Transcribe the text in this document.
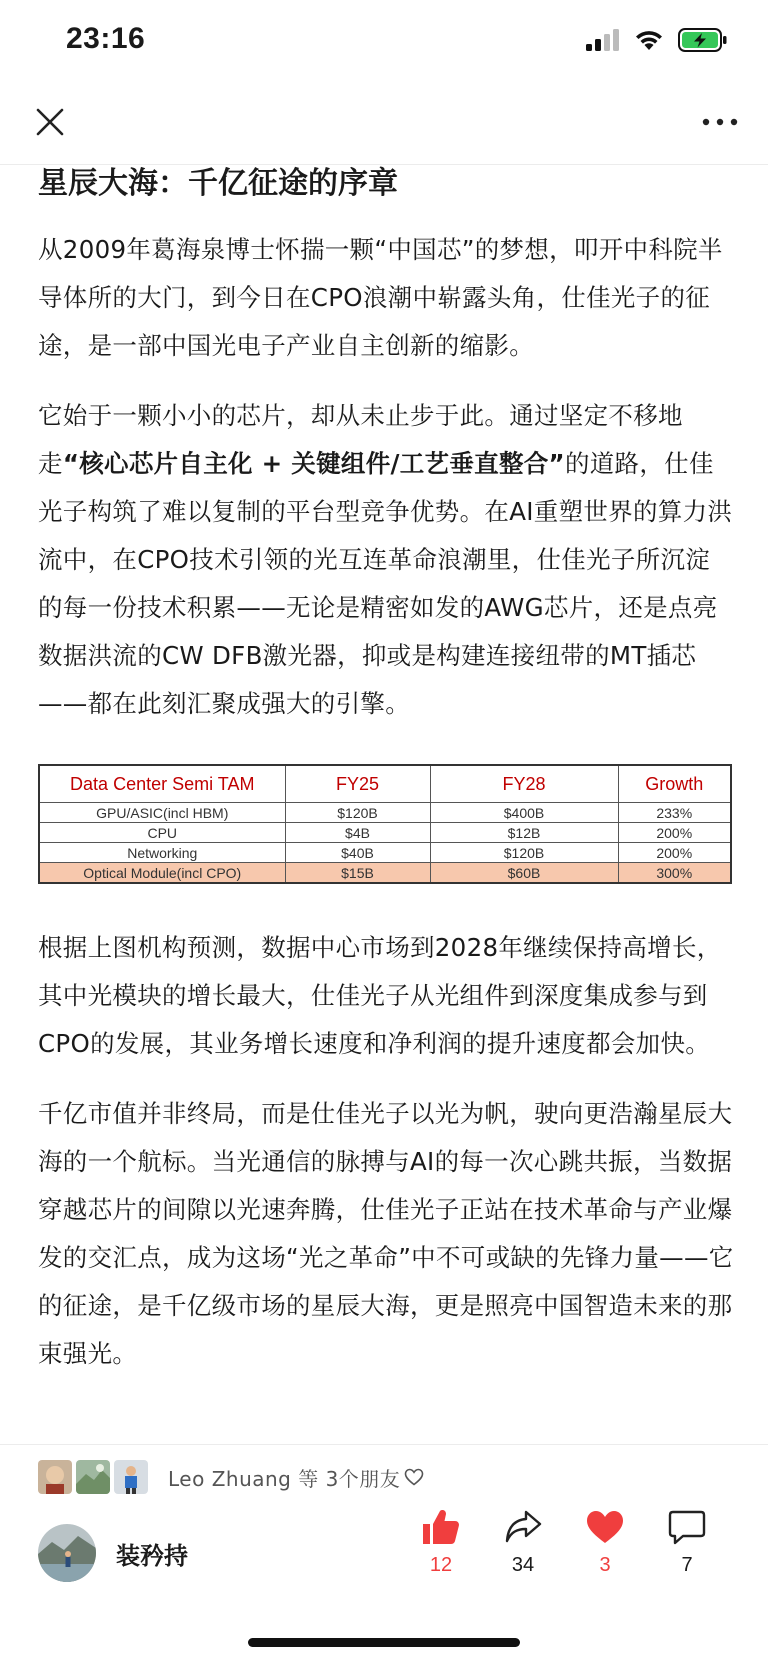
23:16
星辰大海：千亿征途的序章

从2009年葛海泉博士怀揣一颗“中国芯”的梦想，叩开中科院半导体所的大门，到今日在CPO浪潮中崭露头角，仕佳光子的征途，是一部中国光电子产业自主创新的缩影。

它始于一颗小小的芯片，却从未止步于此。通过坚定不移地走“核心芯片自主化 + 关键组件/工艺垂直整合”的道路，仕佳光子构筑了难以复制的平台型竞争优势。在AI重塑世界的算力洪流中，在CPO技术引领的光互连革命浪潮里，仕佳光子所沉淀的每一份技术积累——无论是精密如发的AWG芯片，还是点亮数据洪流的CW DFB激光器，抑或是构建连接纽带的MT插芯——都在此刻汇聚成强大的引擎。

Data Center Semi TAM	FY25	FY28	Growth
GPU/ASIC(incl HBM)	$120B	$400B	233%
CPU	$4B	$12B	200%
Networking	$40B	$120B	200%
Optical Module(incl CPO)	$15B	$60B	300%

根据上图机构预测，数据中心市场到2028年继续保持高增长，其中光模块的增长最大，仕佳光子从光组件到深度集成参与到CPO的发展，其业务增长速度和净利润的提升速度都会加快。

千亿市值并非终局，而是仕佳光子以光为帆，驶向更浩瀚星辰大海的一个航标。当光通信的脉搏与AI的每一次心跳共振，当数据穿越芯片的间隙以光速奔腾，仕佳光子正站在技术革命与产业爆发的交汇点，成为这场“光之革命”中不可或缺的先锋力量——它的征途，是千亿级市场的星辰大海，更是照亮中国智造未来的那束强光。

Leo Zhuang 等 3个朋友
装矜持	12	34	3	7
